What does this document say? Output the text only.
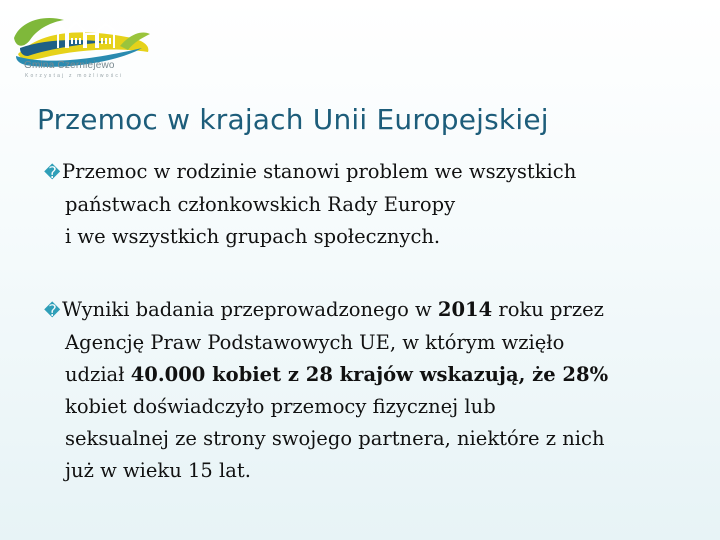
Gmina Czerniejewo
Korzystaj z możliwości
Przemoc w krajach Unii Europejskiej

�Przemoc w rodzinie stanowi problem we wszystkich

państwach członkowskich Rady Europy

i we wszystkich grupach społecznych.

�Wyniki badania przeprowadzonego w 2014 roku przez

Agencję Praw Podstawowych UE, w którym wzięło

udział 40.000 kobiet z 28 krajów wskazują, że 28%

kobiet doświadczyło przemocy fizycznej lub

seksualnej ze strony swojego partnera, niektóre z nich

już w wieku 15 lat.
